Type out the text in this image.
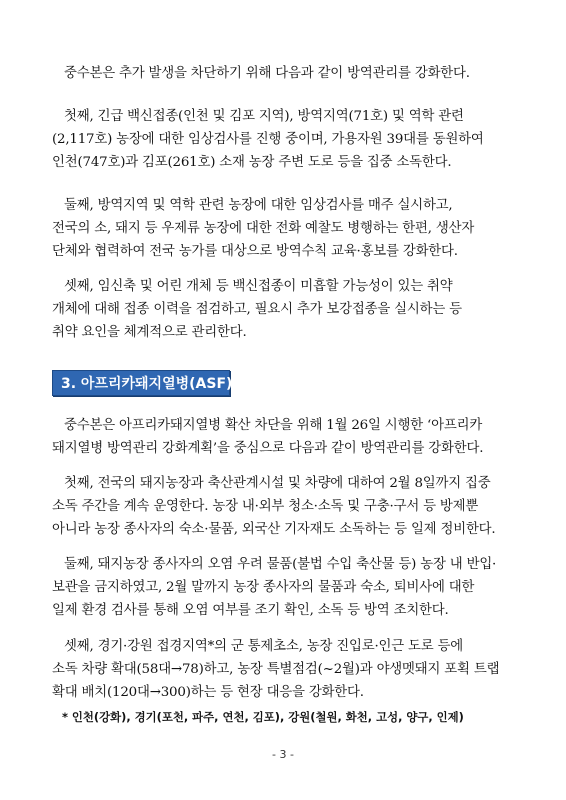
중수본은 추가 발생을 차단하기 위해 다음과 같이 방역관리를 강화한다.
첫째, 긴급 백신접종(인천 및 김포 지역), 방역지역(71호) 및 역학 관련
(2,117호) 농장에 대한 임상검사를 진행 중이며, 가용자원 39대를 동원하여
인천(747호)과 김포(261호) 소재 농장 주변 도로 등을 집중 소독한다.
둘째, 방역지역 및 역학 관련 농장에 대한 임상검사를 매주 실시하고,
전국의 소, 돼지 등 우제류 농장에 대한 전화 예찰도 병행하는 한편, 생산자
단체와 협력하여 전국 농가를 대상으로 방역수칙 교육·홍보를 강화한다.
셋째, 임신축 및 어린 개체 등 백신접종이 미흡할 가능성이 있는 취약
개체에 대해 접종 이력을 점검하고, 필요시 추가 보강접종을 실시하는 등
취약 요인을 체계적으로 관리한다.
3. 아프리카돼지열병(ASF)
중수본은 아프리카돼지열병 확산 차단을 위해 1월 26일 시행한 ‘아프리카
돼지열병 방역관리 강화계획’을 중심으로 다음과 같이 방역관리를 강화한다.
첫째, 전국의 돼지농장과 축산관계시설 및 차량에 대하여 2월 8일까지 집중
소독 주간을 계속 운영한다. 농장 내·외부 청소·소독 및 구충·구서 등 방제뿐
아니라 농장 종사자의 숙소·물품, 외국산 기자재도 소독하는 등 일제 정비한다.
둘째, 돼지농장 종사자의 오염 우려 물품(불법 수입 축산물 등) 농장 내 반입·
보관을 금지하였고, 2월 말까지 농장 종사자의 물품과 숙소, 퇴비사에 대한
일제 환경 검사를 통해 오염 여부를 조기 확인, 소독 등 방역 조치한다.
셋째, 경기·강원 접경지역*의 군 통제초소, 농장 진입로·인근 도로 등에
소독 차량 확대(58대→78)하고, 농장 특별점검(~2월)과 야생멧돼지 포획 트랩
확대 배치(120대→300)하는 등 현장 대응을 강화한다.
* 인천(강화), 경기(포천, 파주, 연천, 김포), 강원(철원, 화천, 고성, 양구, 인제)
- 3 -
